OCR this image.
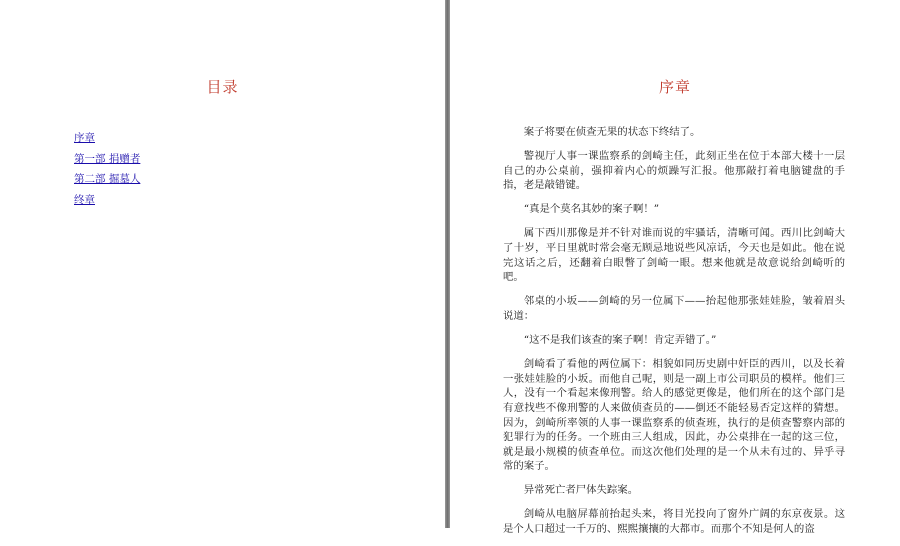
目录
序章
第一部 捐赠者
第二部 掘墓人
终章
序章

案子将要在侦查无果的状态下终结了。

警视厅人事一课监察系的剑崎主任，此刻正坐在位于本部大楼十一层自己的办公桌前，强抑着内心的烦躁写汇报。他那敲打着电脑键盘的手指，老是敲错键。

“真是个莫名其妙的案子啊！”

属下西川那像是并不针对谁而说的牢骚话，清晰可闻。西川比剑崎大了十岁，平日里就时常会毫无顾忌地说些风凉话，今天也是如此。他在说完这话之后，还翻着白眼瞥了剑崎一眼。想来他就是故意说给剑崎听的吧。

邻桌的小坂——剑崎的另一位属下——抬起他那张娃娃脸，皱着眉头说道：

“这不是我们该查的案子啊！肯定弄错了。”

剑崎看了看他的两位属下：相貌如同历史剧中奸臣的西川，以及长着一张娃娃脸的小坂。而他自己呢，则是一副上市公司职员的模样。他们三人，没有一个看起来像刑警。给人的感觉更像是，他们所在的这个部门是有意找些不像刑警的人来做侦查员的——倒还不能轻易否定这样的猜想。因为，剑崎所率领的人事一课监察系的侦查班，执行的是侦查警察内部的犯罪行为的任务。一个班由三人组成，因此，办公桌排在一起的这三位，就是最小规模的侦查单位。而这次他们处理的是一个从未有过的、异乎寻常的案子。

异常死亡者尸体失踪案。

剑崎从电脑屏幕前抬起头来，将目光投向了窗外广阔的东京夜景。这是个人口超过一千万的、熙熙攘攘的大都市。而那个不知是何人的盗
